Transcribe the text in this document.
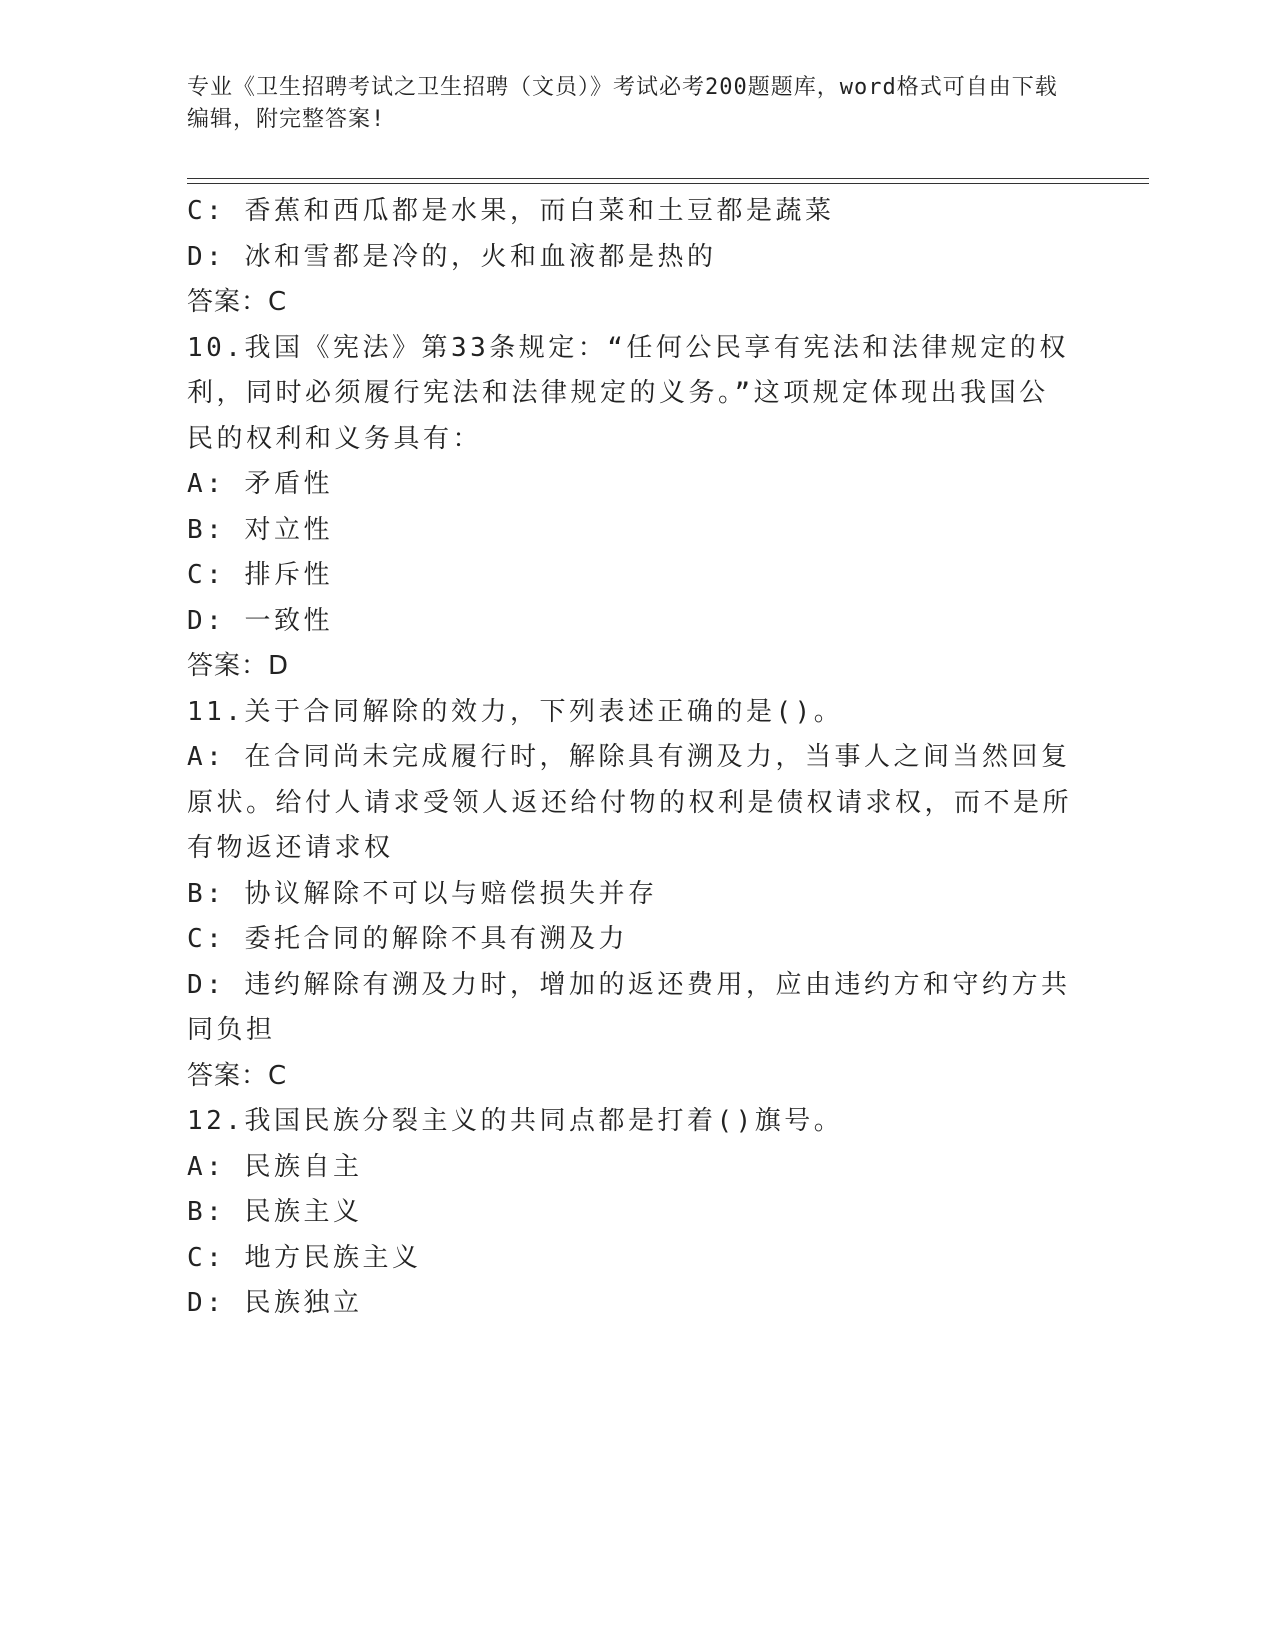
专业《卫生招聘考试之卫生招聘（文员）》考试必考200题题库，word格式可自由下载编辑，附完整答案!

C: 香蕉和西瓜都是水果，而白菜和土豆都是蔬菜

D: 冰和雪都是冷的，火和血液都是热的

答案：C

10.我国《宪法》第33条规定：“任何公民享有宪法和法律规定的权利，同时必须履行宪法和法律规定的义务。”这项规定体现出我国公民的权利和义务具有：

A: 矛盾性

B: 对立性

C: 排斥性

D: 一致性

答案：D

11.关于合同解除的效力，下列表述正确的是()。

A: 在合同尚未完成履行时，解除具有溯及力，当事人之间当然回复原状。给付人请求受领人返还给付物的权利是债权请求权，而不是所有物返还请求权

B: 协议解除不可以与赔偿损失并存

C: 委托合同的解除不具有溯及力

D: 违约解除有溯及力时，增加的返还费用，应由违约方和守约方共同负担

答案：C

12.我国民族分裂主义的共同点都是打着()旗号。

A: 民族自主

B: 民族主义

C: 地方民族主义

D: 民族独立
